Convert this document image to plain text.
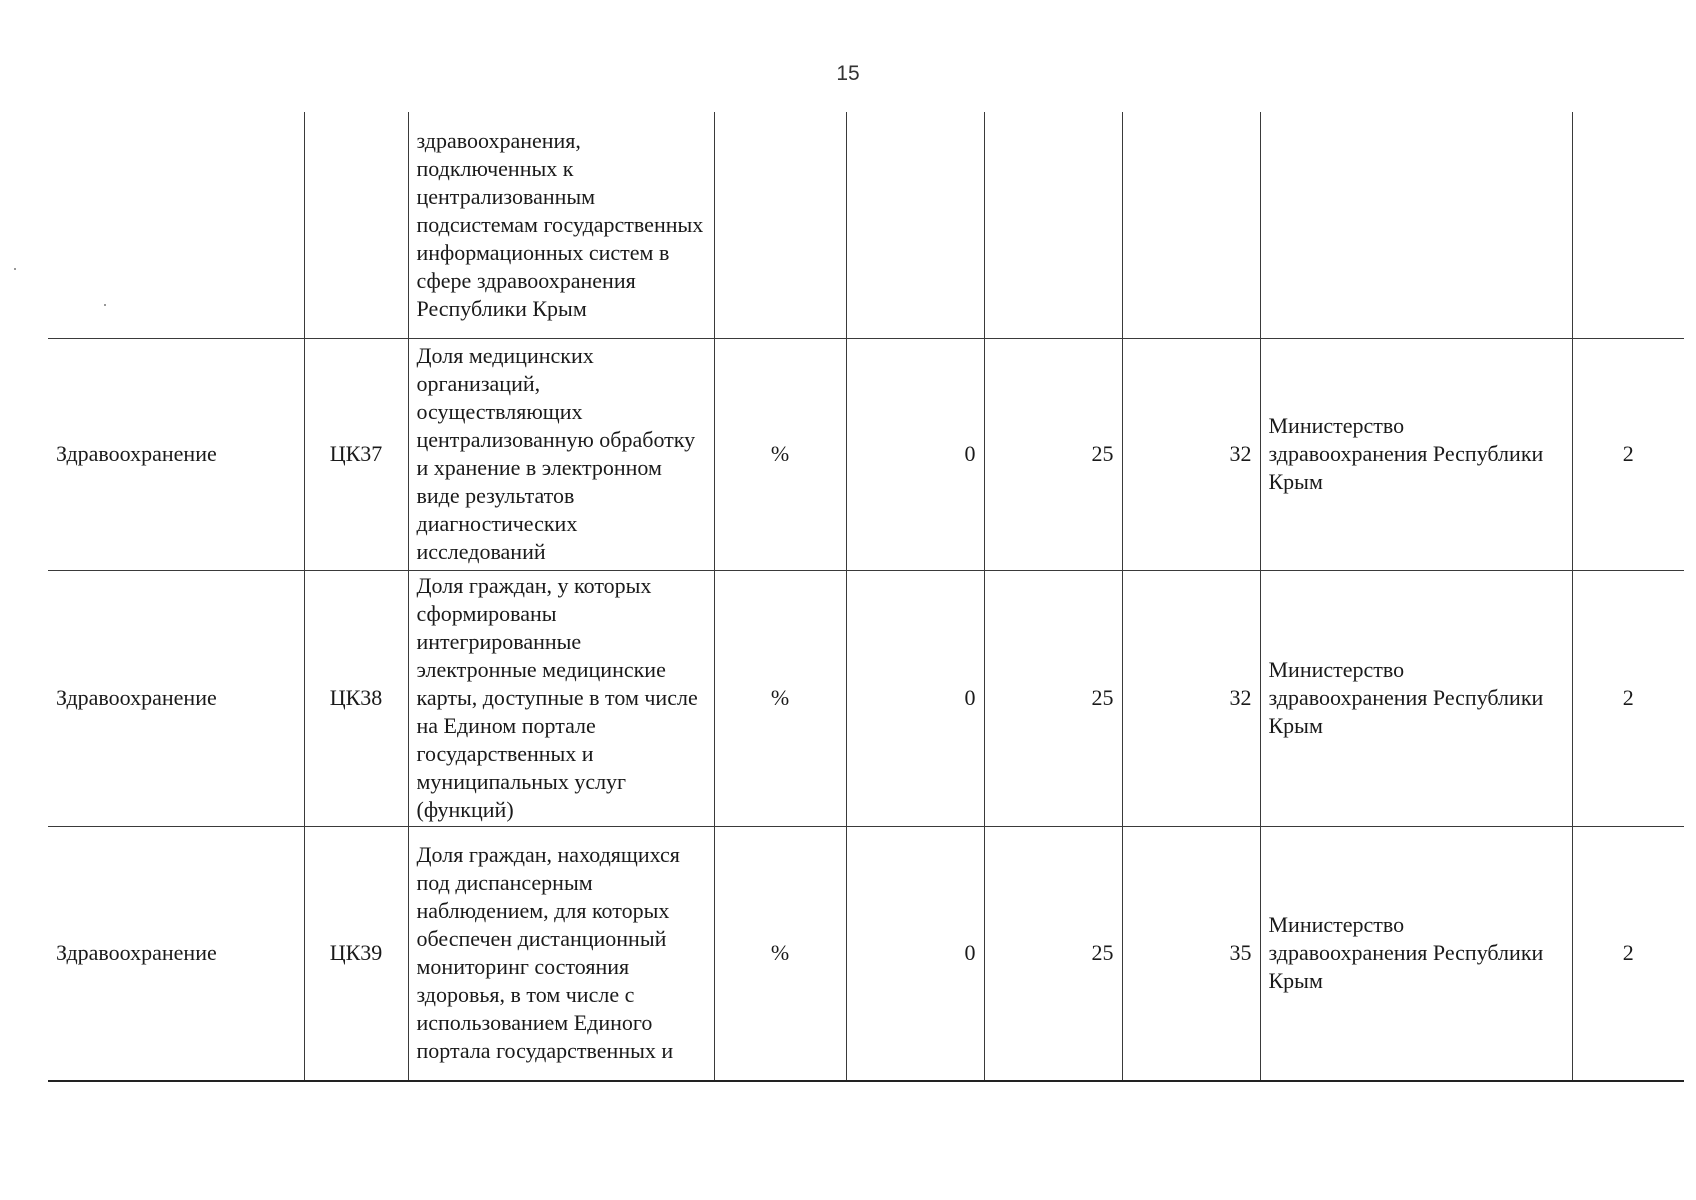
15
		здравоохранения, подключенных к централизованным подсистемам государственных информационных систем в сфере здравоохранения Республики Крым						
Здравоохранение	ЦК37	Доля медицинских организаций, осуществляющих централизованную обработку и хранение в электронном виде результатов диагностических исследований	%	0	25	32	Министерство здравоохранения Республики Крым	2
Здравоохранение	ЦК38	Доля граждан, у которых сформированы интегрированные электронные медицинские карты, доступные в том числе на Едином портале государственных и муниципальных услуг (функций)	%	0	25	32	Министерство здравоохранения Республики Крым	2
Здравоохранение	ЦК39	Доля граждан, находящихся под диспансерным наблюдением, для которых обеспечен дистанционный мониторинг состояния здоровья, в том числе с использованием Единого портала государственных и	%	0	25	35	Министерство здравоохранения Республики Крым	2
